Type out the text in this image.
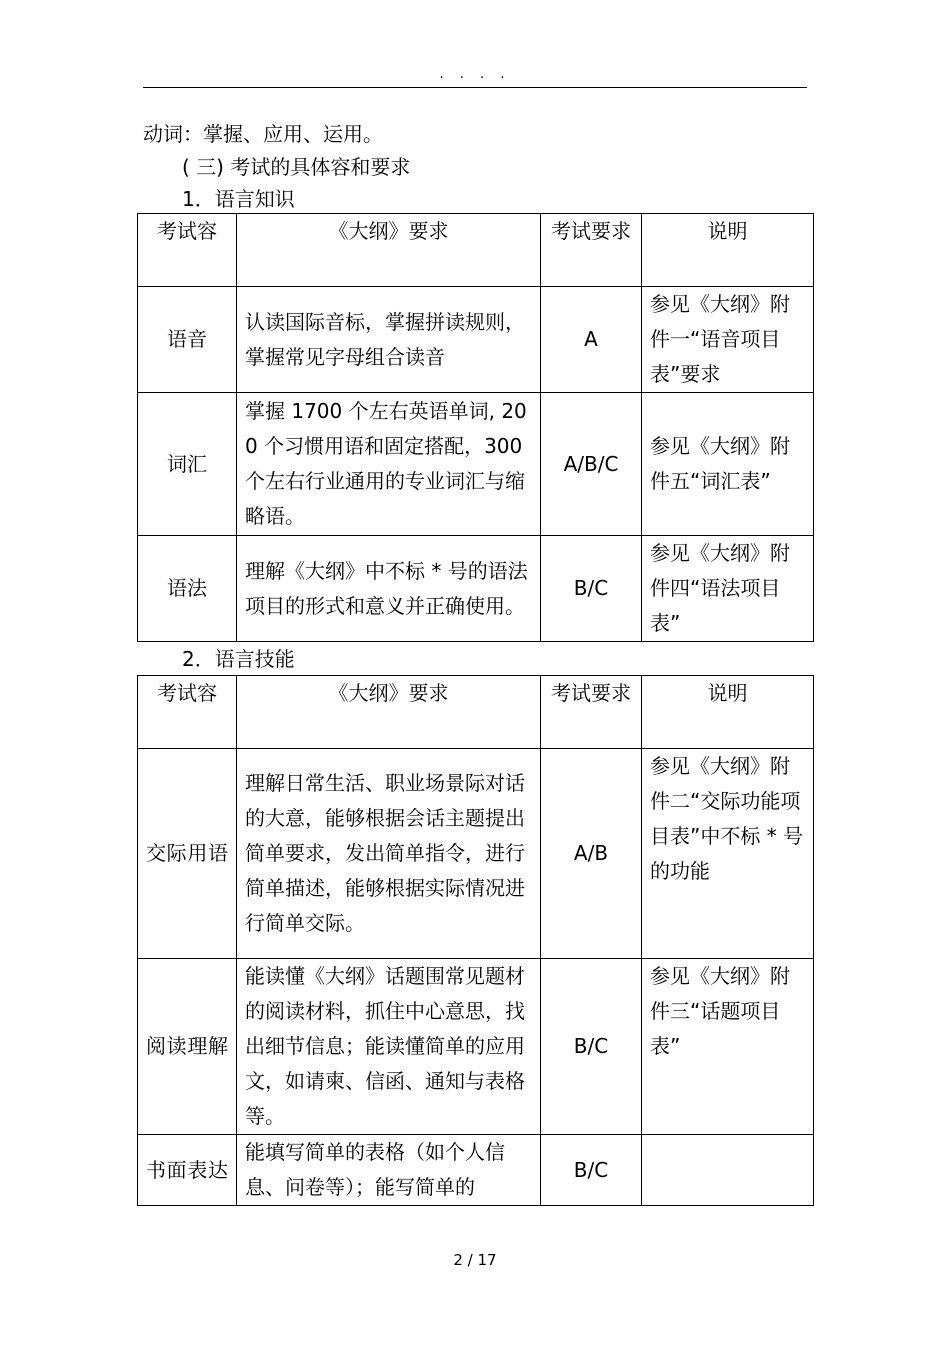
. . . .
动词：掌握、应用、运用。
( 三) 考试的具体容和要求
1．语言知识
考试容	《大纲》要求	考试要求	说明
语音	认读国际音标，掌握拼读规则，掌握常见字母组合读音	A	参见《大纲》附件一“语音项目表”要求
词汇	掌握 1700 个左右英语单词, 200 个习惯用语和固定搭配，300 个左右行业通用的专业词汇与缩略语。	A/B/C	参见《大纲》附件五“词汇表”
语法	理解《大纲》中不标 * 号的语法项目的形式和意义并正确使用。	B/C	参见《大纲》附件四“语法项目表”
2．语言技能
考试容	《大纲》要求	考试要求	说明
交际用语	理解日常生活、职业场景际对话的大意，能够根据会话主题提出简单要求，发出简单指令，进行简单描述，能够根据实际情况进行简单交际。	A/B	参见《大纲》附件二“交际功能项目表”中不标 * 号的功能
阅读理解	能读懂《大纲》话题围常见题材的阅读材料，抓住中心意思，找出细节信息；能读懂简单的应用文，如请柬、信函、通知与表格等。	B/C	参见《大纲》附件三“话题项目表”
书面表达	能填写简单的表格（如个人信息、问卷等）；能写简单的	B/C	
2 / 17
